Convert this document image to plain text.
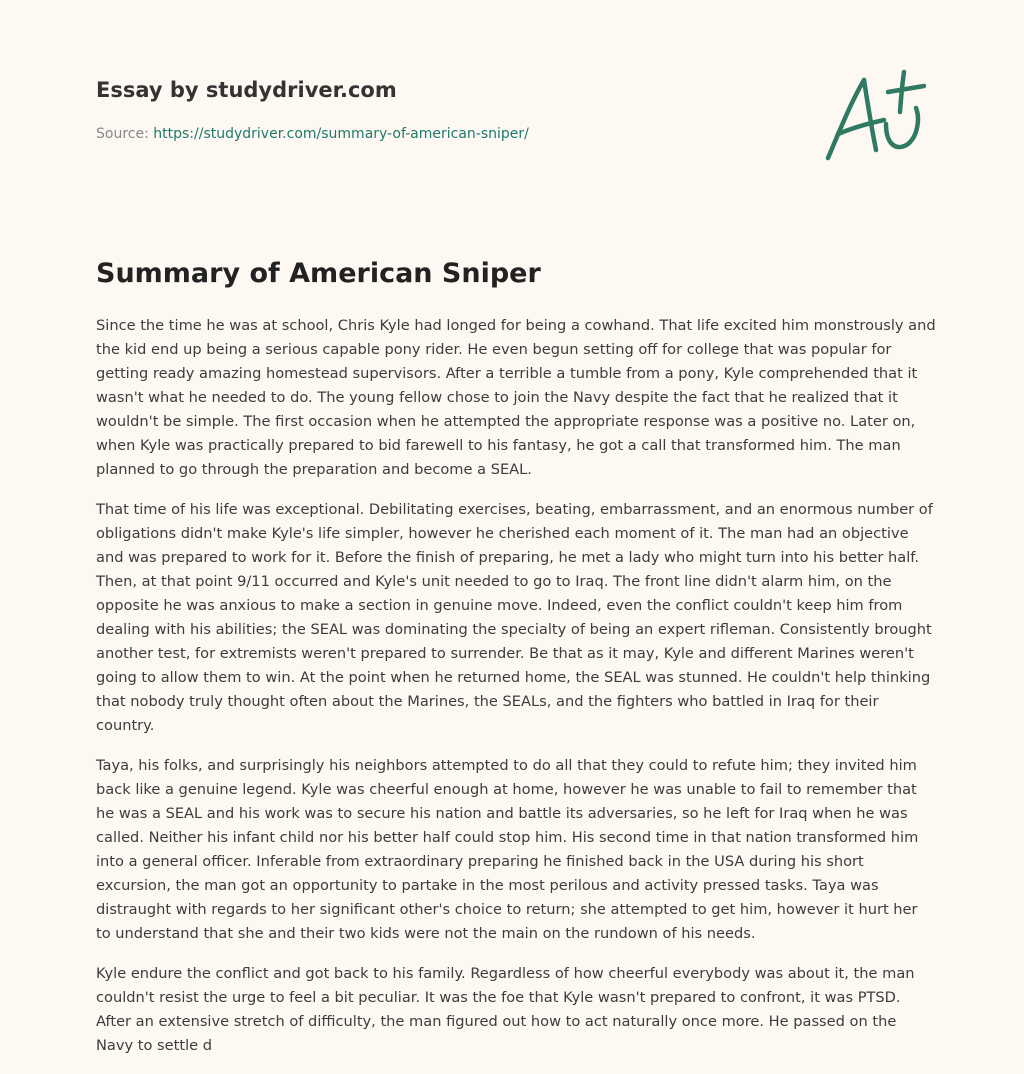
Essay by studydriver.com
Source: https://studydriver.com/summary-of-american-sniper/
Summary of American Sniper

Since the time he was at school, Chris Kyle had longed for being a cowhand. That life excited him monstrously and the kid end up being a serious capable pony rider. He even begun setting off for college that was popular for getting ready amazing homestead supervisors. After a terrible a tumble from a pony, Kyle comprehended that it wasn't what he needed to do. The young fellow chose to join the Navy despite the fact that he realized that it wouldn't be simple. The first occasion when he attempted the appropriate response was a positive no. Later on, when Kyle was practically prepared to bid farewell to his fantasy, he got a call that transformed him. The man planned to go through the preparation and become a SEAL.

That time of his life was exceptional. Debilitating exercises, beating, embarrassment, and an enormous number of obligations didn't make Kyle's life simpler, however he cherished each moment of it. The man had an objective and was prepared to work for it. Before the finish of preparing, he met a lady who might turn into his better half. Then, at that point 9/11 occurred and Kyle's unit needed to go to Iraq. The front line didn't alarm him, on the opposite he was anxious to make a section in genuine move. Indeed, even the conflict couldn't keep him from dealing with his abilities; the SEAL was dominating the specialty of being an expert rifleman. Consistently brought another test, for extremists weren't prepared to surrender. Be that as it may, Kyle and different Marines weren't going to allow them to win. At the point when he returned home, the SEAL was stunned. He couldn't help thinking that nobody truly thought often about the Marines, the SEALs, and the fighters who battled in Iraq for their country.

Taya, his folks, and surprisingly his neighbors attempted to do all that they could to refute him; they invited him back like a genuine legend. Kyle was cheerful enough at home, however he was unable to fail to remember that he was a SEAL and his work was to secure his nation and battle its adversaries, so he left for Iraq when he was called. Neither his infant child nor his better half could stop him. His second time in that nation transformed him into a general officer. Inferable from extraordinary preparing he finished back in the USA during his short excursion, the man got an opportunity to partake in the most perilous and activity pressed tasks. Taya was distraught with regards to her significant other's choice to return; she attempted to get him, however it hurt her to understand that she and their two kids were not the main on the rundown of his needs.

Kyle endure the conflict and got back to his family. Regardless of how cheerful everybody was about it, the man couldn't resist the urge to feel a bit peculiar. It was the foe that Kyle wasn't prepared to confront, it was PTSD. After an extensive stretch of difficulty, the man figured out how to act naturally once more. He passed on the Navy to settle d
